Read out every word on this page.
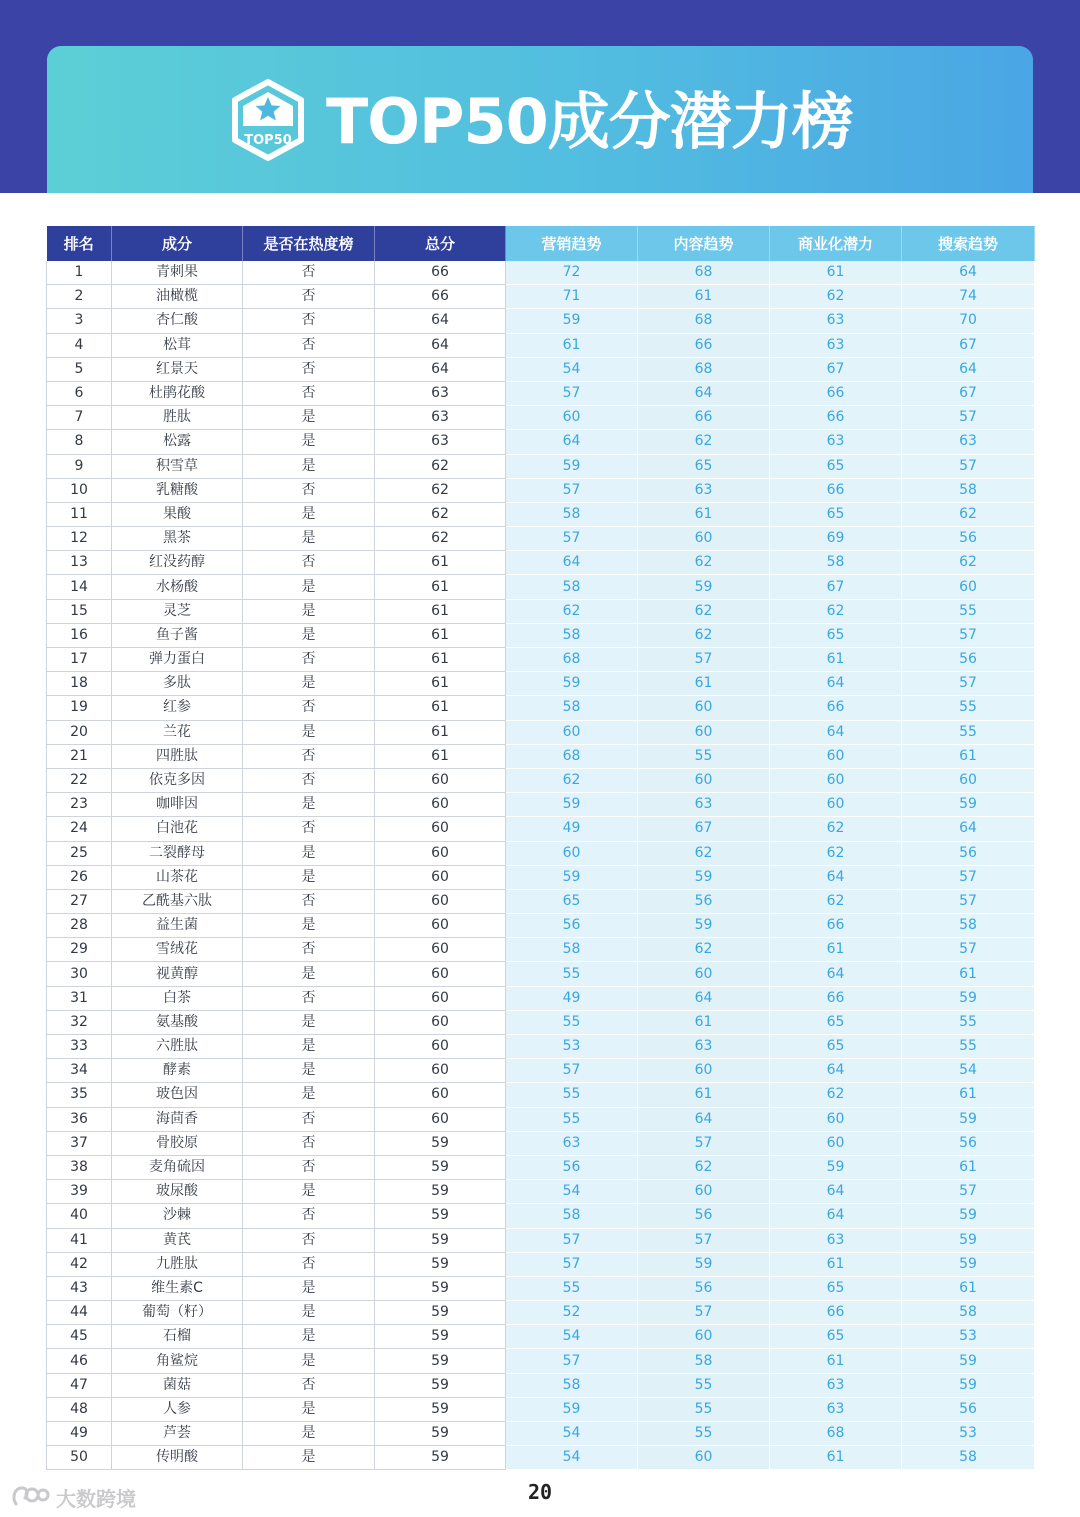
TOP50 TOP50成分潜力榜
排名	成分	是否在热度榜	总分	营销趋势	内容趋势	商业化潜力	搜索趋势
1	青刺果	否	66	72	68	61	64
2	油橄榄	否	66	71	61	62	74
3	杏仁酸	否	64	59	68	63	70
4	松茸	否	64	61	66	63	67
5	红景天	否	64	54	68	67	64
6	杜鹃花酸	否	63	57	64	66	67
7	胜肽	是	63	60	66	66	57
8	松露	是	63	64	62	63	63
9	积雪草	是	62	59	65	65	57
10	乳糖酸	否	62	57	63	66	58
11	果酸	是	62	58	61	65	62
12	黑茶	是	62	57	60	69	56
13	红没药醇	否	61	64	62	58	62
14	水杨酸	是	61	58	59	67	60
15	灵芝	是	61	62	62	62	55
16	鱼子酱	是	61	58	62	65	57
17	弹力蛋白	否	61	68	57	61	56
18	多肽	是	61	59	61	64	57
19	红参	否	61	58	60	66	55
20	兰花	是	61	60	60	64	55
21	四胜肽	否	61	68	55	60	61
22	依克多因	否	60	62	60	60	60
23	咖啡因	是	60	59	63	60	59
24	白池花	否	60	49	67	62	64
25	二裂酵母	是	60	60	62	62	56
26	山茶花	是	60	59	59	64	57
27	乙酰基六肽	否	60	65	56	62	57
28	益生菌	是	60	56	59	66	58
29	雪绒花	否	60	58	62	61	57
30	视黄醇	是	60	55	60	64	61
31	白茶	否	60	49	64	66	59
32	氨基酸	是	60	55	61	65	55
33	六胜肽	是	60	53	63	65	55
34	酵素	是	60	57	60	64	54
35	玻色因	是	60	55	61	62	61
36	海茴香	否	60	55	64	60	59
37	骨胶原	否	59	63	57	60	56
38	麦角硫因	否	59	56	62	59	61
39	玻尿酸	是	59	54	60	64	57
40	沙棘	否	59	58	56	64	59
41	黄芪	否	59	57	57	63	59
42	九胜肽	否	59	57	59	61	59
43	维生素C	是	59	55	56	65	61
44	葡萄（籽）	是	59	52	57	66	58
45	石榴	是	59	54	60	65	53
46	角鲨烷	是	59	57	58	61	59
47	菌菇	否	59	58	55	63	59
48	人参	是	59	59	55	63	56
49	芦荟	是	59	54	55	68	53
50	传明酸	是	59	54	60	61	58
20
大数跨境
